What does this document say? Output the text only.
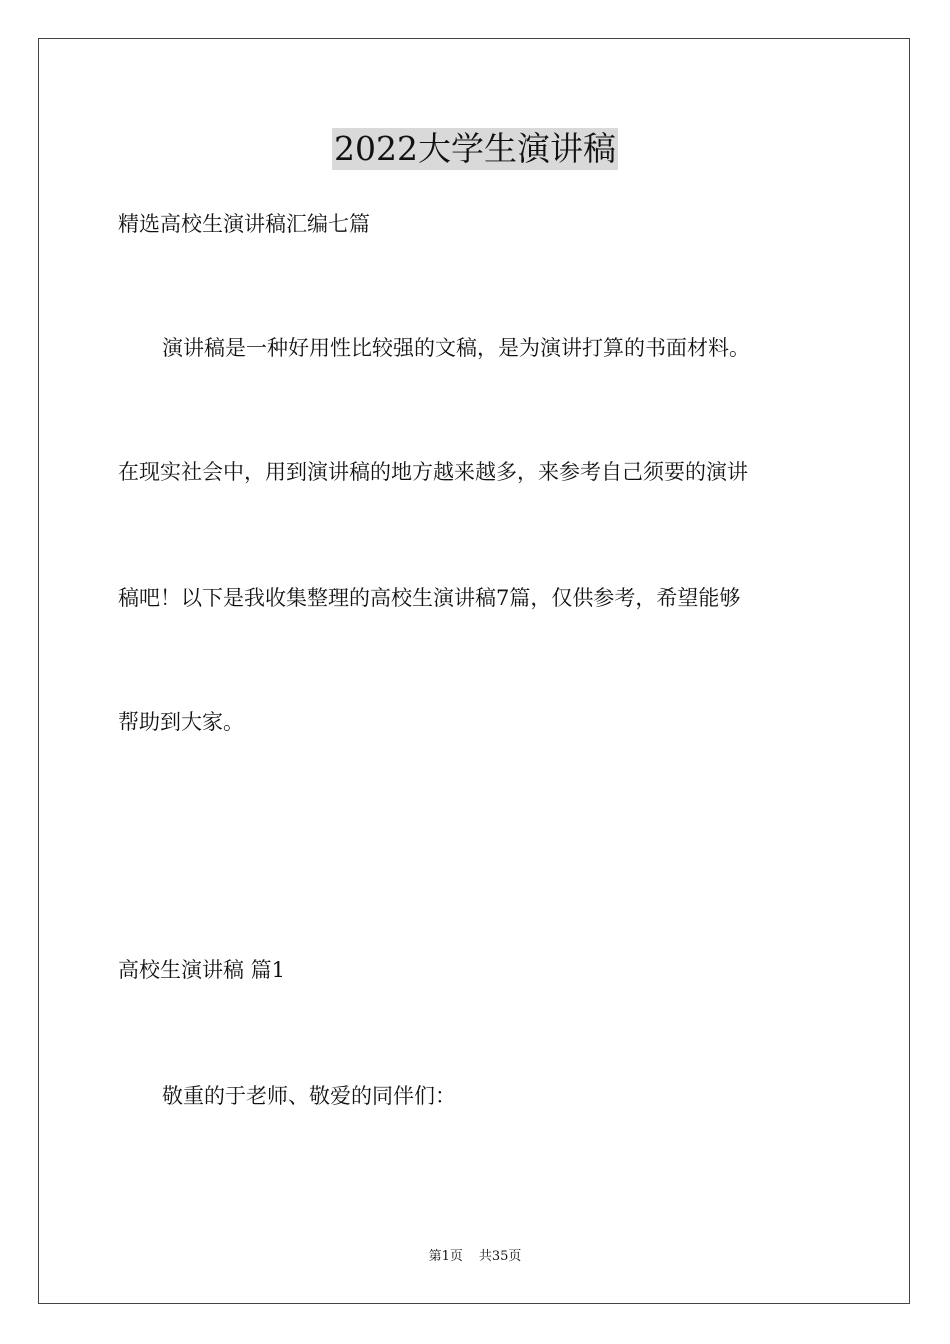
2022大学生演讲稿

精选高校生演讲稿汇编七篇

演讲稿是一种好用性比较强的文稿，是为演讲打算的书面材料。

在现实社会中，用到演讲稿的地方越来越多，来参考自己须要的演讲

稿吧！以下是我收集整理的高校生演讲稿7篇，仅供参考，希望能够

帮助到大家。

高校生演讲稿 篇1

敬重的于老师、敬爱的同伴们：

第1页 共35页
